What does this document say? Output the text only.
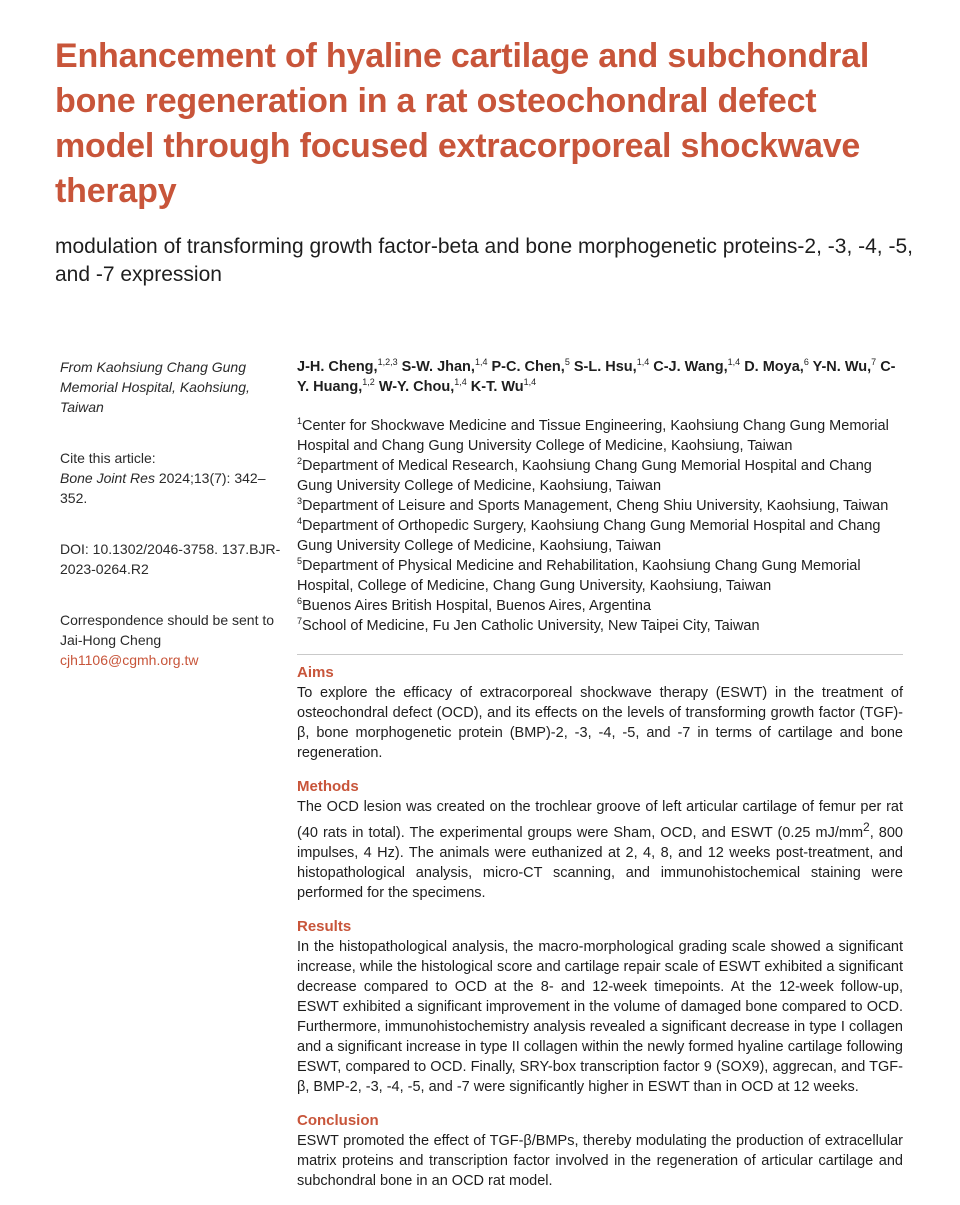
Enhancement of hyaline cartilage and subchondral bone regeneration in a rat osteochondral defect model through focused extracorporeal shockwave therapy
modulation of transforming growth factor-beta and bone morphogenetic proteins-2, -3, -4, -5, and -7 expression

From Kaohsiung Chang Gung Memorial Hospital, Kaohsiung, Taiwan

Cite this article:

Bone Joint Res 2024;13(7): 342–352.

DOI: 10.1302/2046-3758. 137.BJR-2023-0264.R2

Correspondence should be sent to Jai-Hong Cheng

cjh1106@cgmh.org.tw

J-H. Cheng,$^{1,2,3}$ S-W. Jhan,$^{1,4}$ P-C. Chen,$^5$ S-L. Hsu,$^{1,4}$ C-J. Wang,$^{1,4}$ D. Moya,$^6$ Y-N. Wu,$^7$ C-Y. Huang,$^{1,2}$ W-Y. Chou,$^{1,4}$ K-T. Wu$^{1,4}$

$^1$Center for Shockwave Medicine and Tissue Engineering, Kaohsiung Chang Gung Memorial Hospital and Chang Gung University College of Medicine, Kaohsiung, Taiwan

$^2$Department of Medical Research, Kaohsiung Chang Gung Memorial Hospital and Chang Gung University College of Medicine, Kaohsiung, Taiwan

$^3$Department of Leisure and Sports Management, Cheng Shiu University, Kaohsiung, Taiwan

$^4$Department of Orthopedic Surgery, Kaohsiung Chang Gung Memorial Hospital and Chang Gung University College of Medicine, Kaohsiung, Taiwan

$^5$Department of Physical Medicine and Rehabilitation, Kaohsiung Chang Gung Memorial Hospital, College of Medicine, Chang Gung University, Kaohsiung, Taiwan

$^6$Buenos Aires British Hospital, Buenos Aires, Argentina

$^7$School of Medicine, Fu Jen Catholic University, New Taipei City, Taiwan

Aims

To explore the efficacy of extracorporeal shockwave therapy (ESWT) in the treatment of osteochondral defect (OCD), and its effects on the levels of transforming growth factor (TGF)-β, bone morphogenetic protein (BMP)-2, -3, -4, -5, and -7 in terms of cartilage and bone regeneration.

Methods

The OCD lesion was created on the trochlear groove of left articular cartilage of femur per rat (40 rats in total). The experimental groups were Sham, OCD, and ESWT (0.25 $mJ/mm^2$, 800 impulses, 4 Hz). The animals were euthanized at 2, 4, 8, and 12 weeks post-treatment, and histopathological analysis, micro-CT scanning, and immunohistochemical staining were performed for the specimens.

Results

In the histopathological analysis, the macro-morphological grading scale showed a significant increase, while the histological score and cartilage repair scale of ESWT exhibited a significant decrease compared to OCD at the 8- and 12-week timepoints. At the 12-week follow-up, ESWT exhibited a significant improvement in the volume of damaged bone compared to OCD. Furthermore, immunohistochemistry analysis revealed a significant decrease in type I collagen and a significant increase in type II collagen within the newly formed hyaline cartilage following ESWT, compared to OCD. Finally, SRY-box transcription factor 9 (SOX9), aggrecan, and TGF-β, BMP-2, -3, -4, -5, and -7 were significantly higher in ESWT than in OCD at 12 weeks.

Conclusion

ESWT promoted the effect of TGF-β/BMPs, thereby modulating the production of extracellular matrix proteins and transcription factor involved in the regeneration of articular cartilage and subchondral bone in an OCD rat model.
